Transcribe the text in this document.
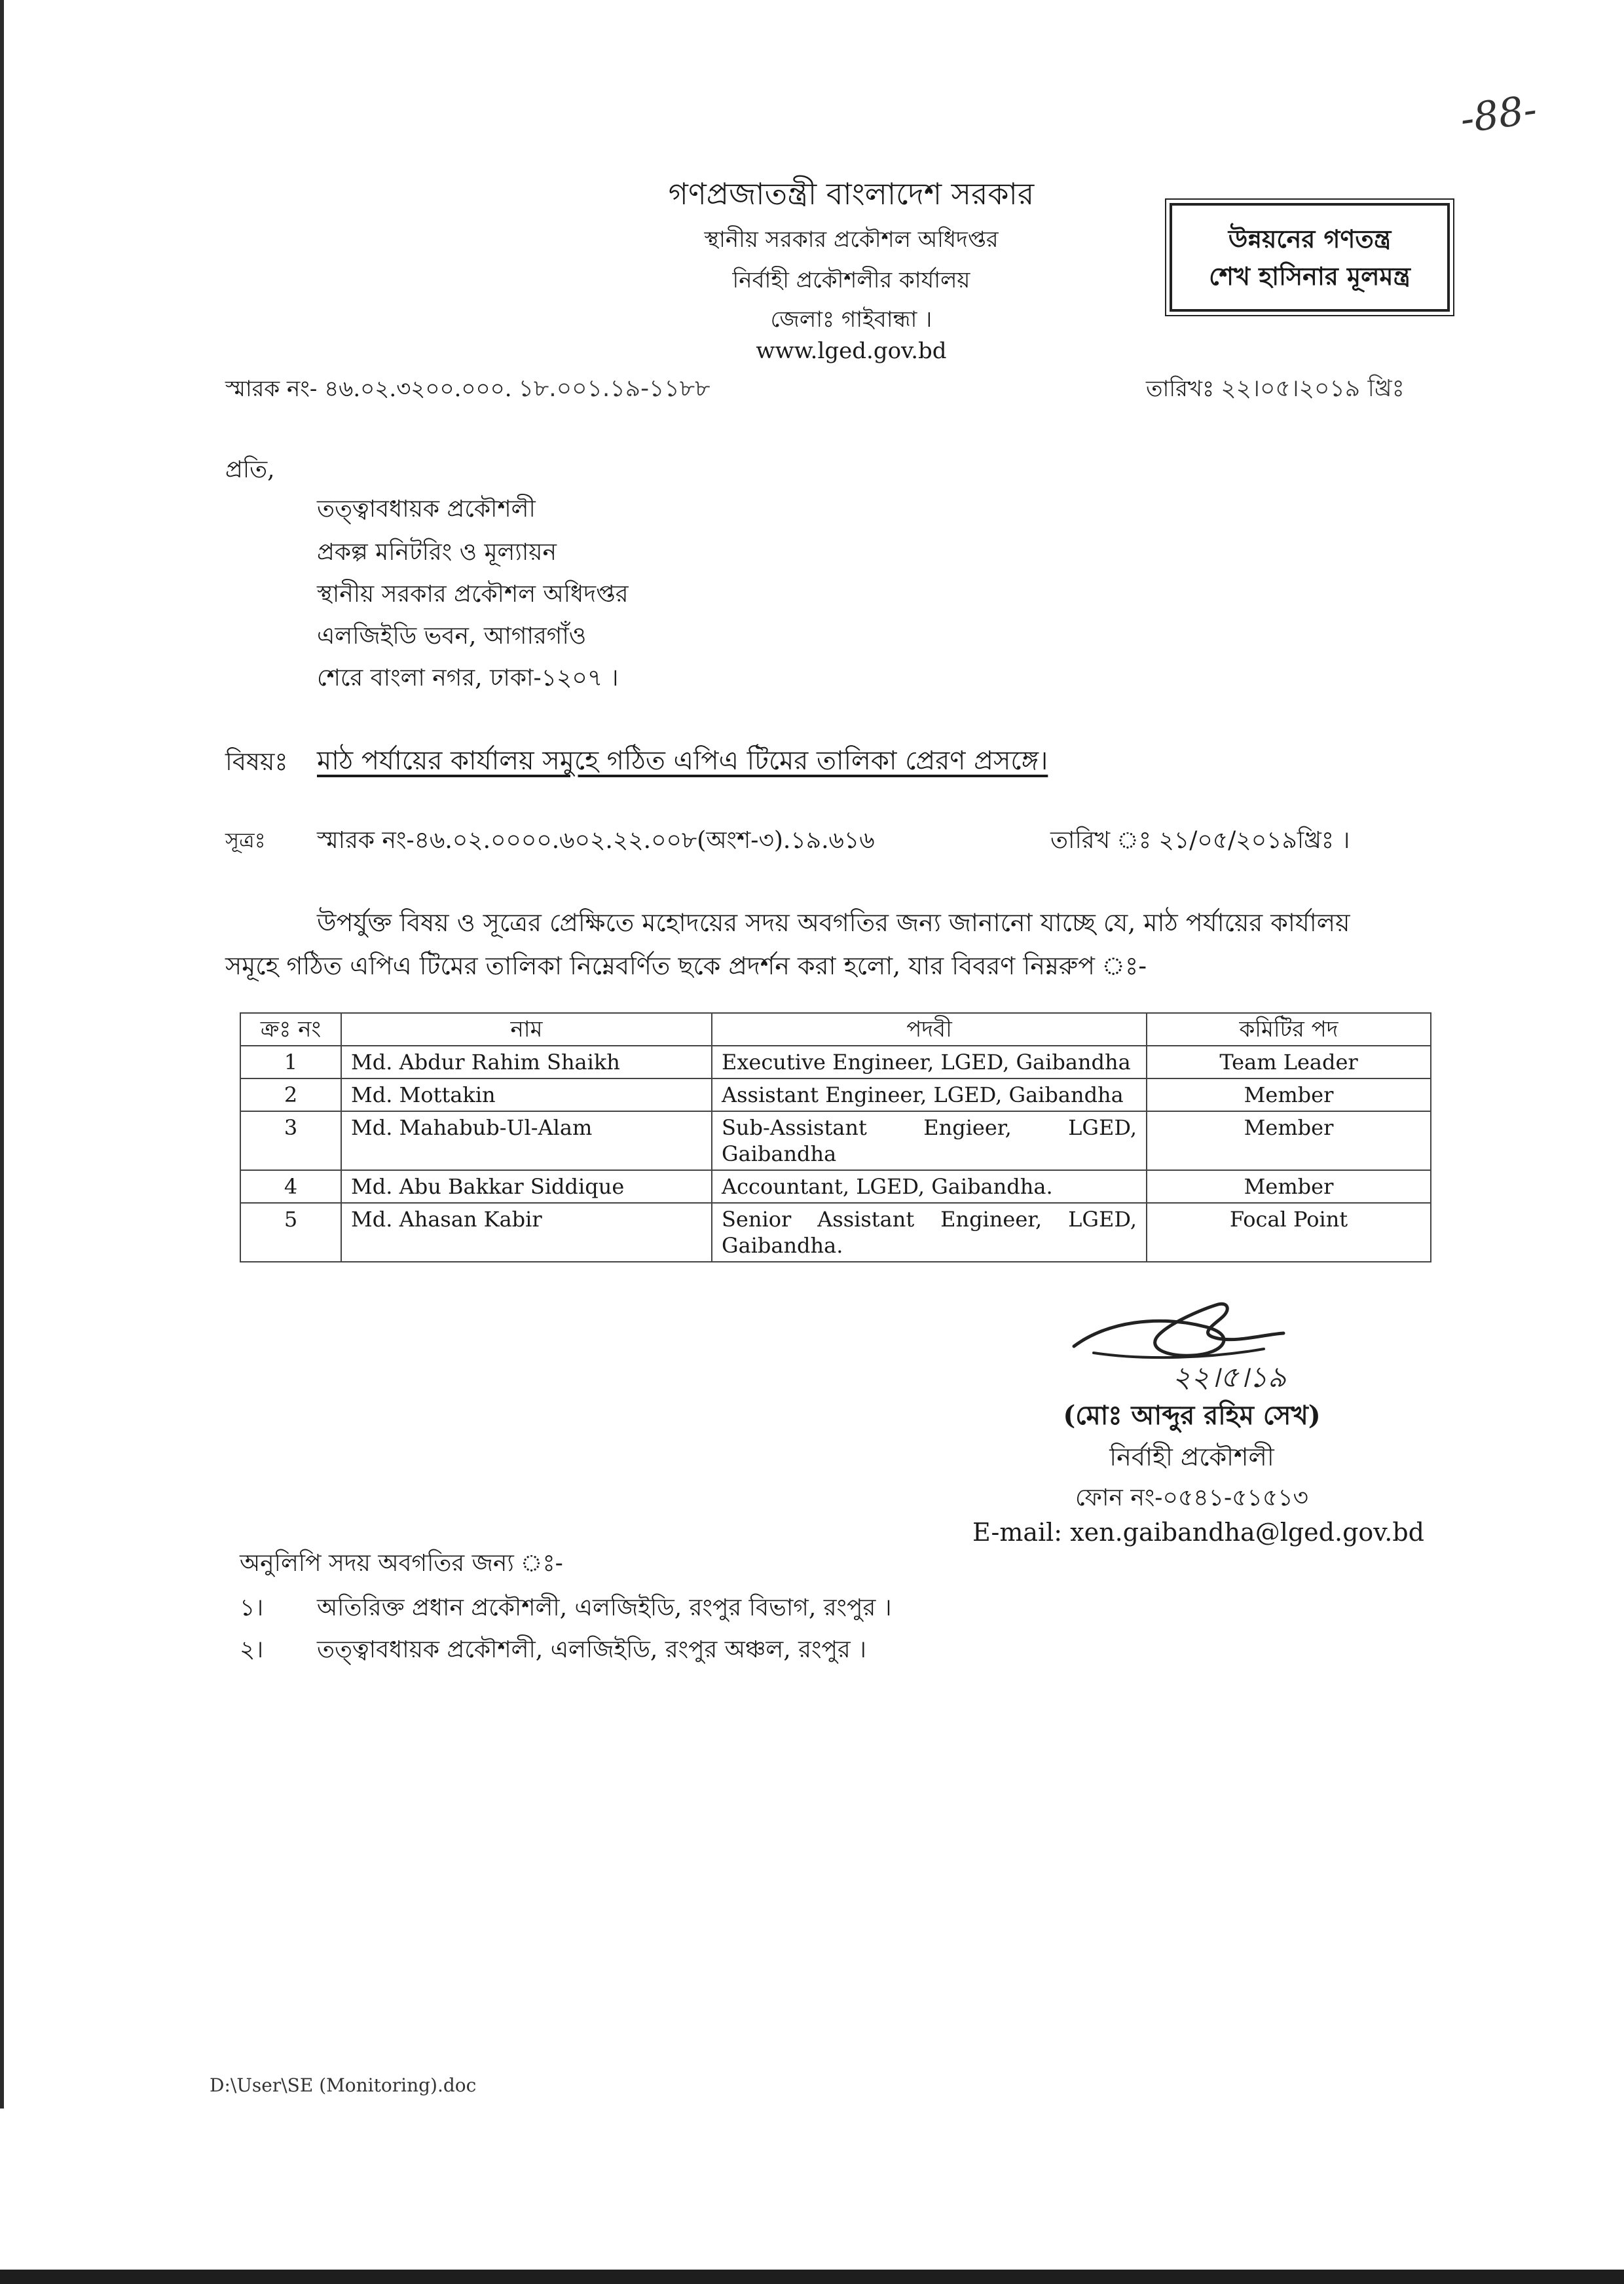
-88-
গণপ্রজাতন্ত্রী বাংলাদেশ সরকার
স্থানীয় সরকার প্রকৌশল অধিদপ্তর
নির্বাহী প্রকৌশলীর কার্যালয়
জেলাঃ গাইবান্ধা ।
www.lged.gov.bd
উন্নয়নের গণতন্ত্র
শেখ হাসিনার মূলমন্ত্র
স্মারক নং- ৪৬.০২.৩২০০.০০০. ১৮.০০১.১৯-১১৮৮	তারিখঃ ২২।০৫।২০১৯ খ্রিঃ
প্রতি,
তত্ত্বাবধায়ক প্রকৌশলী
প্রকল্প মনিটরিং ও মূল্যায়ন
স্থানীয় সরকার প্রকৌশল অধিদপ্তর
এলজিইডি ভবন, আগারগাঁও
শেরে বাংলা নগর, ঢাকা-১২০৭ ।
বিষয়ঃ মাঠ পর্যায়ের কার্যালয় সমুহে গঠিত এপিএ টিমের তালিকা প্রেরণ প্রসঙ্গে।
সূত্রঃ স্মারক নং-৪৬.০২.০০০০.৬০২.২২.০০৮(অংশ-৩).১৯.৬১৬	তারিখ ঃ ২১/০৫/২০১৯খ্রিঃ ।
উপর্যুক্ত বিষয় ও সূত্রের প্রেক্ষিতে মহোদয়ের সদয় অবগতির জন্য জানানো যাচ্ছে যে, মাঠ পর্যায়ের কার্যালয়
সমূহে গঠিত এপিএ টিমের তালিকা নিম্নেবর্ণিত ছকে প্রদর্শন করা হলো, যার বিবরণ নিম্নরুপ ঃ-
ক্রঃ নং	নাম	পদবী	কমিটির পদ
1	Md. Abdur Rahim Shaikh	Executive Engineer, LGED, Gaibandha	Team Leader
2	Md. Mottakin	Assistant Engineer, LGED, Gaibandha	Member
3	Md. Mahabub-Ul-Alam	Sub-Assistant Engieer, LGED, Gaibandha	Member
4	Md. Abu Bakkar Siddique	Accountant, LGED, Gaibandha.	Member
5	Md. Ahasan Kabir	Senior Assistant Engineer, LGED, Gaibandha.	Focal Point
২২।৫।১৯
(মোঃ আব্দুর রহিম সেখ)
নির্বাহী প্রকৌশলী
ফোন নং-০৫৪১-৫১৫১৩
E-mail: xen.gaibandha@lged.gov.bd
অনুলিপি সদয় অবগতির জন্য ঃ-
১। অতিরিক্ত প্রধান প্রকৌশলী, এলজিইডি, রংপুর বিভাগ, রংপুর ।
২। তত্ত্বাবধায়ক প্রকৌশলী, এলজিইডি, রংপুর অঞ্চল, রংপুর ।
D:\User\SE (Monitoring).doc
